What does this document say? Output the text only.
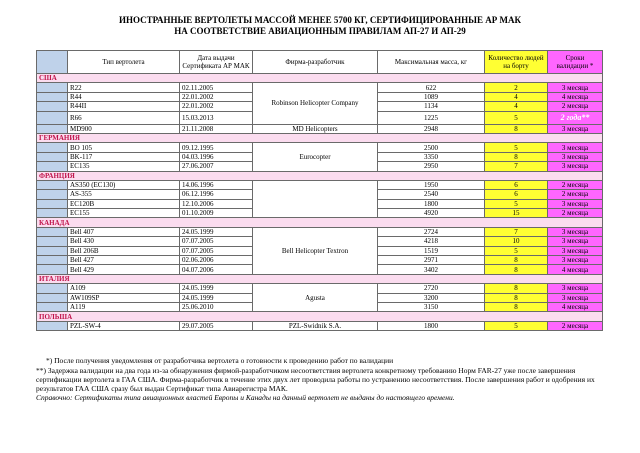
ИНОСТРАННЫЕ ВЕРТОЛЕТЫ МАССОЙ МЕНЕЕ 5700 КГ, СЕРТИФИЦИРОВАННЫЕ АР МАК
НА СООТВЕТСТВИЕ АВИАЦИОННЫМ ПРАВИЛАМ АП-27 И АП-29
	Тип вертолета	Дата выдачи Сертификата АР МАК	Фирма-разработчик	Максимальная масса, кг	Количество людей на борту	Сроки валидации *
США						
	R22	02.11.2005	Robinson Helicopter Company	622	2	3 месяца
	R44	22.01.2002		1089	4	4 месяца
	R44II	22.01.2002		1134	4	2 месяца
	R66	15.03.2013		1225	5	2 года**
	MD900	21.11.2008	MD Helicopters	2948	8	3 месяца
ГЕРМАНИЯ						
	BO 105	09.12.1995	Eurocopter	2500	5	3 месяца
	BK-117	04.03.1996		3350	8	3 месяца
	EC135	27.06.2007		2950	7	3 месяца
ФРАНЦИЯ						
	AS350 (EC130)	14.06.1996		1950	6	2 месяца
	AS-355	06.12.1996		2540	6	2 месяца
	EC120B	12.10.2006		1800	5	3 месяца
	EC155	01.10.2009		4920	15	2 месяца
КАНАДА						
	Bell 407	24.05.1999	Bell Helicopter Textron	2724	7	3 месяца
	Bell 430	07.07.2005		4218	10	3 месяца
	Bell 206B	07.07.2005		1519	5	3 месяца
	Bell 427	02.06.2006		2971	8	3 месяца
	Bell 429	04.07.2006		3402	8	4 месяца
ИТАЛИЯ						
	A109	24.05.1999	Agusta	2720	8	3 месяца
	AW109SP	24.05.1999		3200	8	3 месяца
	A119	25.06.2010		3150	8	4 месяца
ПОЛЬША						
	PZL-SW-4	29.07.2005	PZL-Swidnik S.A.	1800	5	2 месяца
*) После получения уведомления от разработчика вертолета о готовности к проведению работ по валидации
**) Задержка валидации на два года из-за обнаружения фирмой-разработчиком несоответствия вертолета конкретному требованию Норм FAR-27 уже после завершения сертификации вертолета в ГАА США. Фирма-разработчик в течение этих двух лет проводила работы по устранению несоответствия. После завершения работ и одобрения их результатов ГАА США сразу был выдан Сертификат типа Авиарегистра МАК.
Справочно: Сертификаты типа авиационных властей Европы и Канады на данный вертолет не выданы до настоящего времени.
